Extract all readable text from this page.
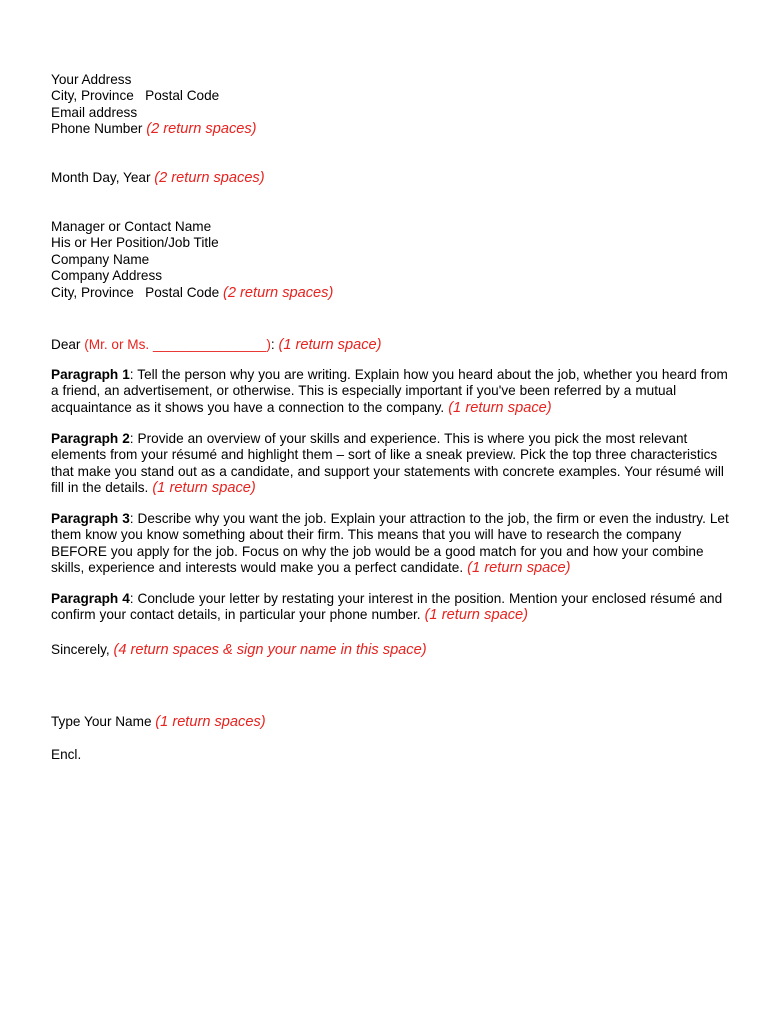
Your Address
City, Province   Postal Code
Email address
Phone Number (2 return spaces)
Month Day, Year (2 return spaces)
Manager or Contact Name
His or Her Position/Job Title
Company Name
Company Address
City, Province   Postal Code (2 return spaces)
Dear (Mr. or Ms. _______________): (1 return space)
Paragraph 1: Tell the person why you are writing. Explain how you heard about the job, whether you heard from a friend, an advertisement, or otherwise. This is especially important if you've been referred by a mutual acquaintance as it shows you have a connection to the company. (1 return space)
Paragraph 2: Provide an overview of your skills and experience. This is where you pick the most relevant elements from your résumé and highlight them – sort of like a sneak preview. Pick the top three characteristics that make you stand out as a candidate, and support your statements with concrete examples. Your résumé will fill in the details. (1 return space)
Paragraph 3: Describe why you want the job. Explain your attraction to the job, the firm or even the industry. Let them know you know something about their firm. This means that you will have to research the company BEFORE you apply for the job. Focus on why the job would be a good match for you and how your combine skills, experience and interests would make you a perfect candidate. (1 return space)
Paragraph 4: Conclude your letter by restating your interest in the position. Mention your enclosed résumé and confirm your contact details, in particular your phone number. (1 return space)
Sincerely, (4 return spaces & sign your name in this space)
Type Your Name (1 return spaces)
Encl.
